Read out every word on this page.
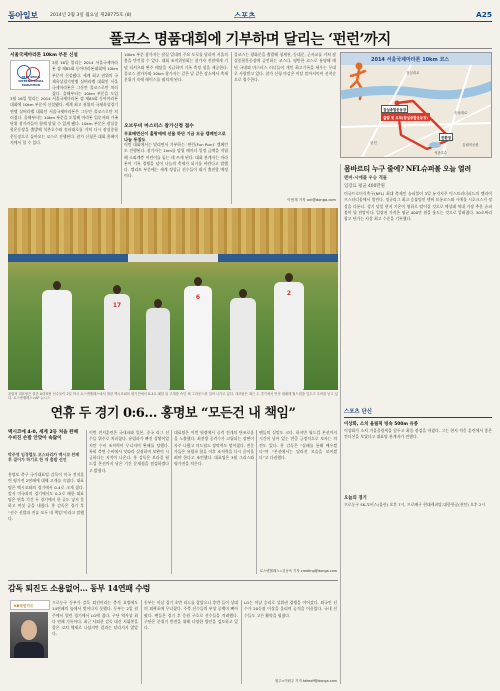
동아일보	2014년 2월 3일 월요일 제28775호 (8)	스포츠	A25
풀코스 명품대회에 기부하며 달리는 ‘펀런’까지
2014 SEOUL INTERNATIONAL MARATHON
서울국제마라톤 10km 부문 신설
3월 16일 열리는 2014 서울국제마라톤 겸 제85회 동아마라톤대회에 10km 부문이 신설됐다. 세계 최고 권위의 국제육상경기연맹 실버라벨 대회인 서울국제마라톤은 그동안 풀코스로만 치러졌다. 올해부터는 10km 부문을 도입
3월 16일 열리는 2014 서울국제마라톤 겸 제85회 동아마라톤대회에 10km 부문이 신설됐다. 세계 최고 권위의 국제육상경기연맹 실버라벨 대회인 서울국제마라톤은 그동안 풀코스로만 치러졌다. 올해부터는 10km 부문을 도입해 마라톤 입문자와 가족 단위 참가자들이 함께 달릴 수 있게 됐다. 10km 부문은 잠실종합운동장을 출발해 석촌호수와 송파대로를 거쳐 다시 잠실종합운동장으로 돌아오는 코스로 진행된다. 참가 신청은 대회 홈페이지에서 할 수 있다.
10km 부문 참가자는 잠실 일대의 주요 도로를 달리며 서울의 봄을 만끽할 수 있다. 대회 조직위원회는 참가자 전원에게 기념 티셔츠와 완주 메달을 지급하며 기록 측정 칩을 제공한다. 풀코스 참가자와 10km 참가자는 같은 날 같은 장소에서 축제 분위기 속에 레이스를 펼치게 된다.
오브두비 마스터스 참가신청 접수
무료배번신이 홀랑에에 선물 하단 기금 모금 캠페인으로 나눔 동참도
이번 대회에서는 달리면서 기부하는 ‘펀런(Fun Run)’ 캠페인도 진행된다. 참가자는 1km를 달릴 때마다 일정 금액을 적립해 소외계층 어린이를 돕는 데 쓰게 된다. 대회 관계자는 마라톤이 기록 경쟁을 넘어 나눔의 축제가 되기를 바란다고 말했다. 엘리트 부문에는 세계 정상급 선수들이 대거 출전할 예정이다.
풀코스는 광화문을 출발해 청계천, 동대문, 군자교를 거쳐 잠실종합운동장에 골인하는 코스다. 평탄한 코스로 유명해 매년 국내외 마스터스 러너들이 개인 최고기록을 세우는 무대로 사랑받고 있다. 참가 신청 마감은 이달 말까지이며 선착순으로 접수한다.
이헌재 기자 uni@donga.com
2014 서울국제마라톤 10km 코스
잠실종합운동장
출발 및 도착(잠실종합운동장)
반환점
석촌호수
송파대로
잠실대교
올림픽공원
탄천
17
6
2
올림픽 대표팀은 물론 A대표팀 선수들이 2일 미국 로스앤젤레스에서 열린 멕시코와의 평가전에서 0-4로 패한 뒤 고개를 숙인 채 그라운드를 걸어 나가고 있다. 대표팀은 최근 두 경기에서 연속 대패해 월드컵을 앞두고 우려를 낳고 있다. 로스앤젤레스=AP 뉴시스
몸바르티 누구 줄에? NFL슈퍼볼 오늘 열려
덴버-시애틀 우승 격돌
입장료 평균 400만원
미국프로미식축구(NFL) 최대 축제인 슈퍼볼이 3일 뉴저지주 이스트러더퍼드의 멧라이프스타디움에서 열린다. 정규리그 최고 승률팀인 덴버 브롱코스와 시애틀 시호크스가 정상을 다툰다. 경기 당일 현지 기온이 영하로 떨어질 것으로 예상돼 역대 가장 추운 슈퍼볼이 될 전망이다. 입장권 가격은 평균 400만 원을 웃도는 것으로 알려졌다. 30초짜리 광고 단가는 사상 최고 수준을 기록했다.
스포츠 단신
이상화, 소치 올림픽 빙속 500m 유종
이상화가 소치 겨울올림픽을 앞두고 최종 점검을 마쳤다. 그는 현지 적응 훈련에서 좋은 컨디션을 보였다고 대표팀 관계자가 전했다.
오늘의 경기
프로농구 SK-모비스(울산) 오후 7시, 프로배구 현대캐피탈-대한항공(천안) 오후 2시
연휴 두 경기 0:6… 홍명보 “모든건 내 책임”
멕시코에 4-0, 세계 2등 처음 완패 수비진 손발 안맞아 속앓이
박주영 임경렬도 코스타리카 멕시코 완패 후 걸어가 하기로 한 개 출발 선언
홍명보 축구 국가대표팀 감독이 미국 전지훈련 평가전 2연패에 대해 고개를 숙였다. 대표팀은 멕시코와의 경기에서 0-4로 크게 졌다. 앞서 미국과의 경기에서도 0-2로 패한 대표팀은 연휴 기간 두 경기에서 한 골도 넣지 못하고 여섯 골을 내줬다. 홍 감독은 경기 후 “선수 선발과 전술 모두 내 책임”이라고 말했다.
이번 전지훈련은 국내파와 일본, 중국 리그 선수들 위주로 치러졌다. 유럽파가 빠진 상황이었지만 수비 조직력이 무너지며 완패를 당했다. 특히 측면 수비에서 잇따라 실점하며 보완이 시급하다는 지적이 나온다. 홍 감독은 브라질 월드컵 본선까지 남은 기간 문제점을 점검하겠다고 밝혔다.
대표팀은 이번 원정에서 공격 전개의 단조로움을 노출했다. 최전방 공격수가 고립되는 장면이 자주 나왔고 미드필드 장악력도 떨어졌다. 전문가들은 유럽파 합류 이후 조직력을 다시 끌어올려야 한다고 조언했다. 대표팀은 3월 그리스와 평가전을 치른다.
팬들의 실망도 크다. 하지만 월드컵 본선까지 시간이 남아 있는 만큼 긍정적으로 보자는 의견도 있다. 홍 감독은 “실패를 통해 배우겠다”며 “본선에서는 달라진 모습을 보이겠다”고 다짐했다.
로스앤젤레스=김동욱 기자 creating@donga.com
감독 퇴진도 소용없어… 동부 14연패 수렁
KB국민카드
프로농구 동부가 감독 퇴진이라는 충격 요법에도 14연패의 늪에서 벗어나지 못했다. 동부는 2일 원주에서 열린 경기에서 LG에 졌다. 구단 역사상 최다 연패 기록이다. 최근 사퇴한 감독 대신 지휘봉을 잡은 코치 체제로 나섰지만 결과는 달라지지 않았다.
동부는 이날 경기 초반 리드를 잡았으나 후반 들어 상대의 외곽포에 무너졌다. 주축 선수들의 부상 공백이 뼈아팠다. 팬들은 경기 후 응원 구호로 선수들을 격려했다. 구단은 분위기 반전을 위해 다양한 방안을 검토하고 있다.
LG는 이날 승리로 상위권 경쟁을 이어갔다. 외국인 선수가 20득점 이상을 올리며 공격을 이끌었다. 국내 선수들도 고른 활약을 펼쳤다.
원주=이원주 기자 takeoff@donga.com
